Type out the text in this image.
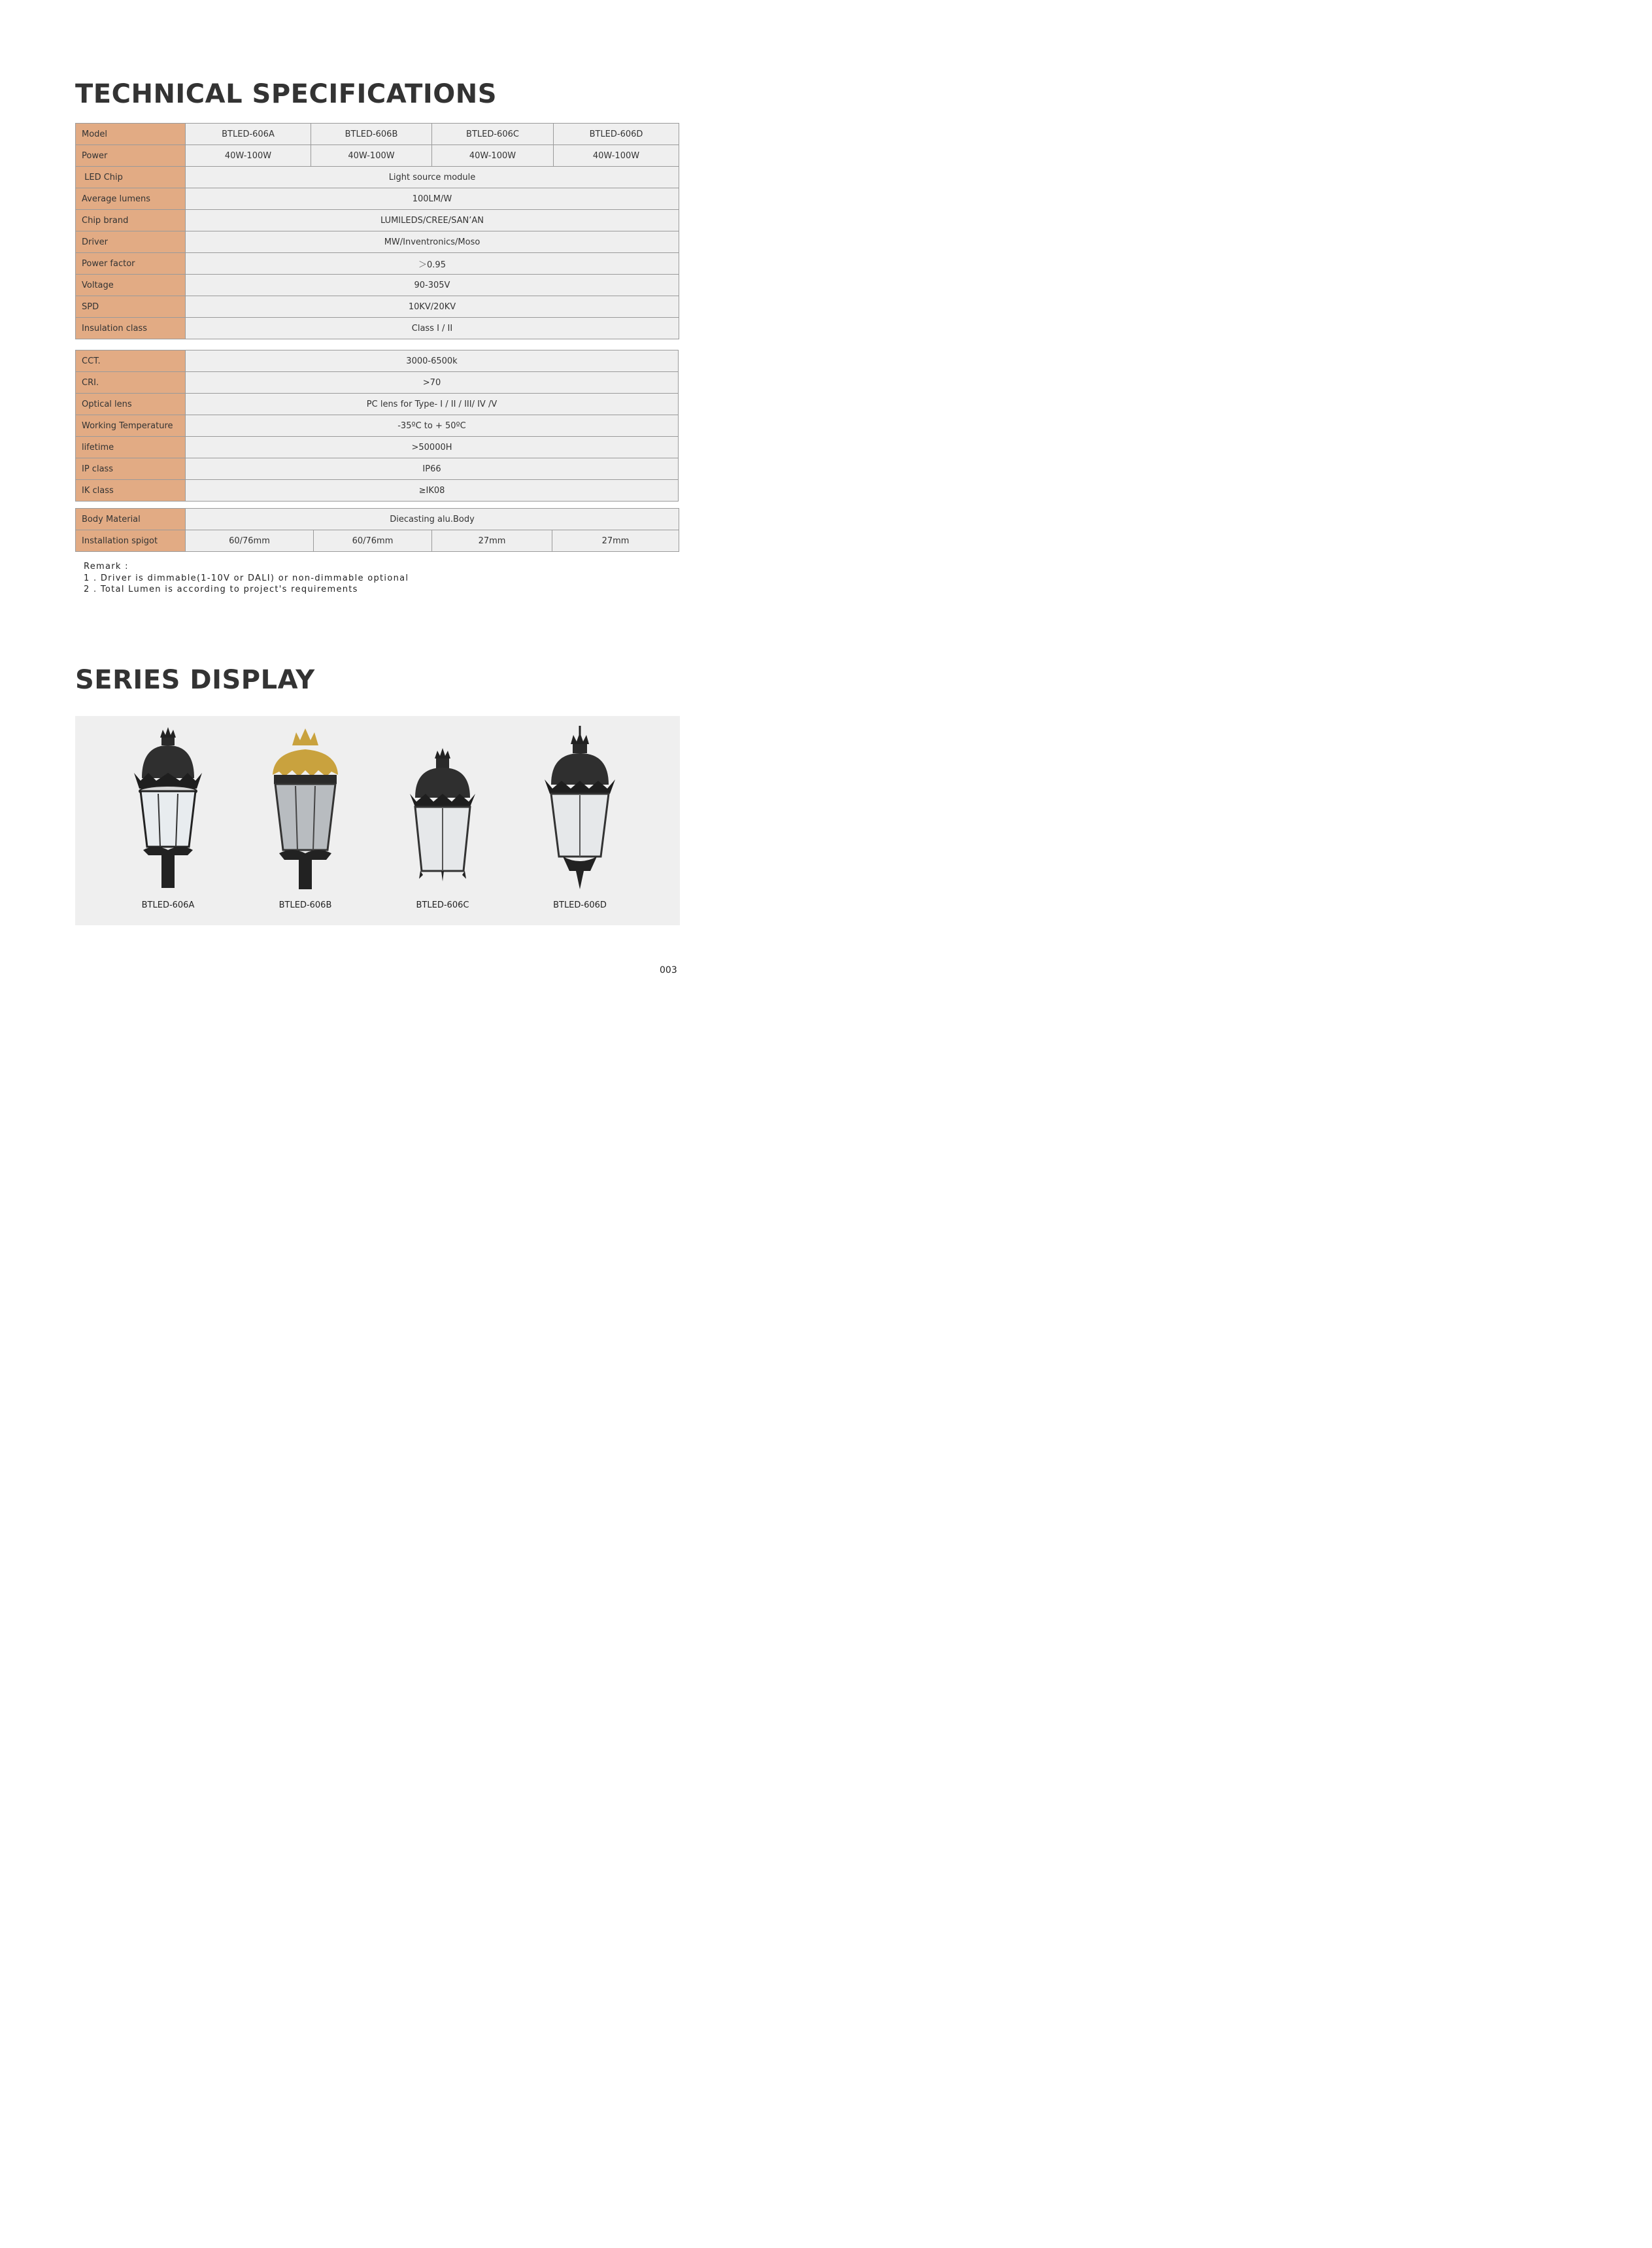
TECHNICAL SPECIFICATIONS
Model	BTLED-606A	BTLED-606B	BTLED-606C	BTLED-606D
Power	40W-100W	40W-100W	40W-100W	40W-100W
LED Chip	Light source module			
Average lumens	100LM/W			
Chip brand	LUMILEDS/CREE/SAN’AN			
Driver	MW/Inventronics/Moso			
Power factor	＞0.95			
Voltage	90-305V			
SPD	10KV/20KV			
Insulation class	Class Ⅰ / II			
CCT.	3000-6500k
CRI.	>70
Optical lens	PC lens for Type- Ⅰ / II / III/ IV /V
Working Temperature	-35ºC to + 50ºC
lifetime	>50000H
IP class	IP66
IK class	≥IK08
Body Material	Diecasting alu.Body			
Installation spigot	60/76mm	60/76mm	27mm	27mm
Remark :
1 . Driver is dimmable(1-10V or DALI) or non-dimmable optional
2 . Total Lumen is according to project's requirements
SERIES DISPLAY
BTLED-606A	BTLED-606B	BTLED-606C	BTLED-606D
003
